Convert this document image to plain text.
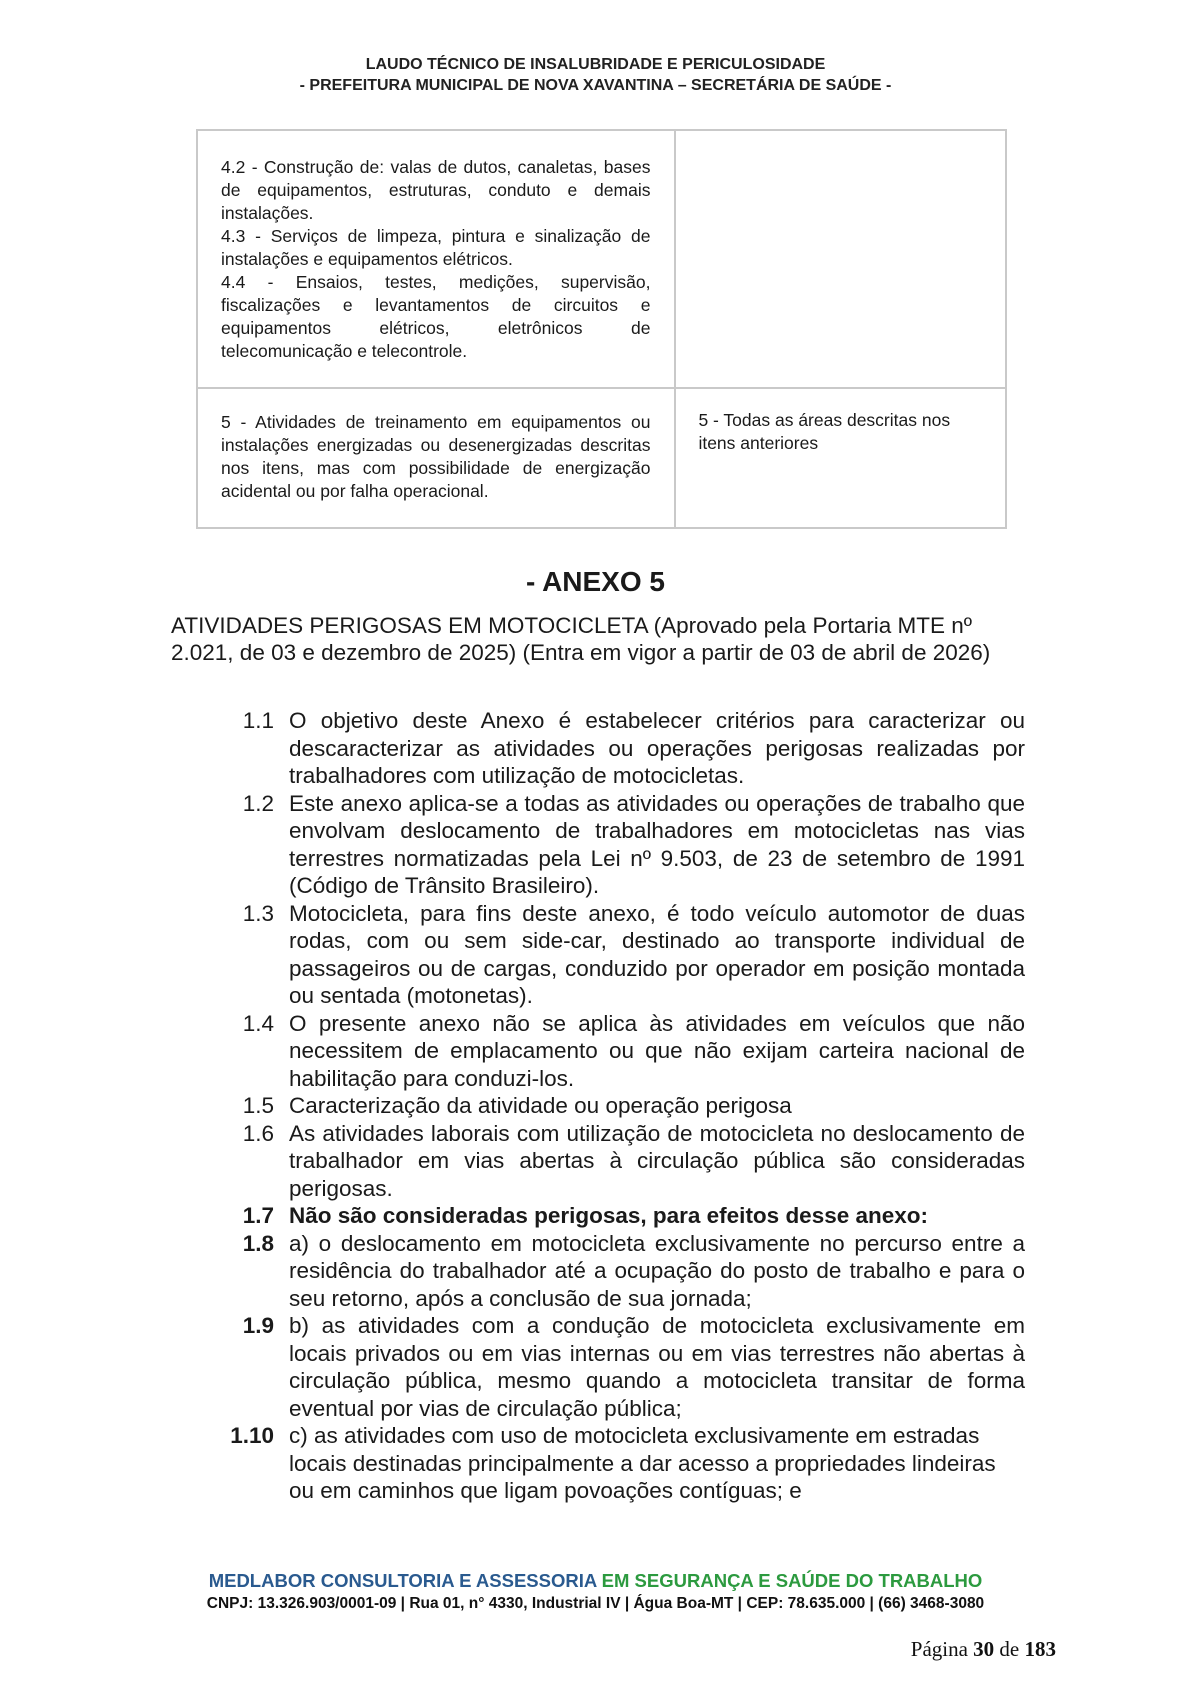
LAUDO TÉCNICO DE INSALUBRIDADE E PERICULOSIDADE
- PREFEITURA MUNICIPAL DE NOVA XAVANTINA – SECRETÁRIA DE SAÚDE -
4.2 - Construção de: valas de dutos, canaletas, bases de equipamentos, estruturas, conduto e demais instalações.
4.3 - Serviços de limpeza, pintura e sinalização de instalações e equipamentos elétricos.
4.4 - Ensaios, testes, medições, supervisão, fiscalizações e levantamentos de circuitos e equipamentos elétricos, eletrônicos de telecomunicação e telecontrole.	

5 - Atividades de treinamento em equipamentos ou instalações energizadas ou desenergizadas descritas nos itens, mas com possibilidade de energização acidental ou por falha operacional.	5 - Todas as áreas descritas nos itens anteriores
- ANEXO 5
ATIVIDADES PERIGOSAS EM MOTOCICLETA (Aprovado pela Portaria MTE nº 2.021, de 03 e dezembro de 2025) (Entra em vigor a partir de 03 de abril de 2026)
1.1 O objetivo deste Anexo é estabelecer critérios para caracterizar ou descaracterizar as atividades ou operações perigosas realizadas por trabalhadores com utilização de motocicletas.
1.2 Este anexo aplica-se a todas as atividades ou operações de trabalho que envolvam deslocamento de trabalhadores em motocicletas nas vias terrestres normatizadas pela Lei nº 9.503, de 23 de setembro de 1991 (Código de Trânsito Brasileiro).
1.3 Motocicleta, para fins deste anexo, é todo veículo automotor de duas rodas, com ou sem side-car, destinado ao transporte individual de passageiros ou de cargas, conduzido por operador em posição montada ou sentada (motonetas).
1.4 O presente anexo não se aplica às atividades em veículos que não necessitem de emplacamento ou que não exijam carteira nacional de habilitação para conduzi-los.
1.5 Caracterização da atividade ou operação perigosa
1.6 As atividades laborais com utilização de motocicleta no deslocamento de trabalhador em vias abertas à circulação pública são consideradas perigosas.
1.7 Não são consideradas perigosas, para efeitos desse anexo:
1.8 a) o deslocamento em motocicleta exclusivamente no percurso entre a residência do trabalhador até a ocupação do posto de trabalho e para o seu retorno, após a conclusão de sua jornada;
1.9 b) as atividades com a condução de motocicleta exclusivamente em locais privados ou em vias internas ou em vias terrestres não abertas à circulação pública, mesmo quando a motocicleta transitar de forma eventual por vias de circulação pública;
1.10 c) as atividades com uso de motocicleta exclusivamente em estradas locais destinadas principalmente a dar acesso a propriedades lindeiras ou em caminhos que ligam povoações contíguas; e
MEDLABOR CONSULTORIA E ASSESSORIA EM SEGURANÇA E SAÚDE DO TRABALHO
CNPJ: 13.326.903/0001-09 | Rua 01, n° 4330, Industrial IV | Água Boa-MT | CEP: 78.635.000 | (66) 3468-3080
Página 30 de 183
